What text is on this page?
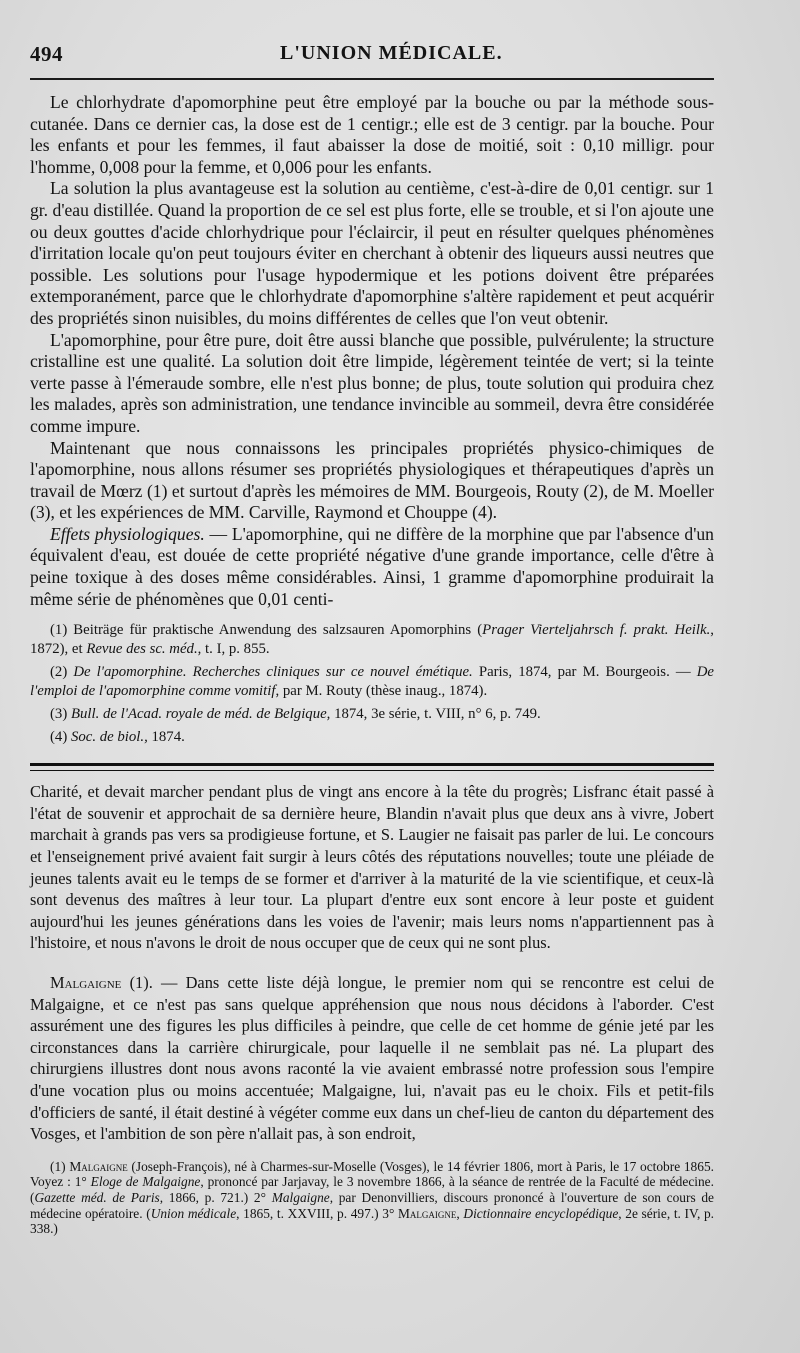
494	L'UNION MÉDICALE.

Le chlorhydrate d'apomorphine peut être employé par la bouche ou par la méthode sous-cutanée. Dans ce dernier cas, la dose est de 1 centigr.; elle est de 3 centigr. par la bouche. Pour les enfants et pour les femmes, il faut abaisser la dose de moitié, soit : 0,10 milligr. pour l'homme, 0,008 pour la femme, et 0,006 pour les enfants.

La solution la plus avantageuse est la solution au centième, c'est-à-dire de 0,01 centigr. sur 1 gr. d'eau distillée. Quand la proportion de ce sel est plus forte, elle se trouble, et si l'on ajoute une ou deux gouttes d'acide chlorhydrique pour l'éclaircir, il peut en résulter quelques phénomènes d'irritation locale qu'on peut toujours éviter en cherchant à obtenir des liqueurs aussi neutres que possible. Les solutions pour l'usage hypodermique et les potions doivent être préparées extemporanément, parce que le chlorhydrate d'apomorphine s'altère rapidement et peut acquérir des propriétés sinon nuisibles, du moins différentes de celles que l'on veut obtenir.

L'apomorphine, pour être pure, doit être aussi blanche que possible, pulvérulente; la structure cristalline est une qualité. La solution doit être limpide, légèrement teintée de vert; si la teinte verte passe à l'émeraude sombre, elle n'est plus bonne; de plus, toute solution qui produira chez les malades, après son administration, une tendance invincible au sommeil, devra être considérée comme impure.

Maintenant que nous connaissons les principales propriétés physico-chimiques de l'apomorphine, nous allons résumer ses propriétés physiologiques et thérapeutiques d'après un travail de Mœrz (1) et surtout d'après les mémoires de MM. Bourgeois, Routy (2), de M. Moeller (3), et les expériences de MM. Carville, Raymond et Chouppe (4).

Effets physiologiques. — L'apomorphine, qui ne diffère de la morphine que par l'absence d'un équivalent d'eau, est douée de cette propriété négative d'une grande importance, celle d'être à peine toxique à des doses même considérables. Ainsi, 1 gramme d'apomorphine produirait la même série de phénomènes que 0,01 centi-

(1) Beiträge für praktische Anwendung des salzsauren Apomorphins (Prager Vierteljahrsch f. prakt. Heilk., 1872), et Revue des sc. méd., t. I, p. 855.

(2) De l'apomorphine. Recherches cliniques sur ce nouvel émétique. Paris, 1874, par M. Bourgeois. — De l'emploi de l'apomorphine comme vomitif, par M. Routy (thèse inaug., 1874).

(3) Bull. de l'Acad. royale de méd. de Belgique, 1874, 3e série, t. VIII, n° 6, p. 749.

(4) Soc. de biol., 1874.

Charité, et devait marcher pendant plus de vingt ans encore à la tête du progrès; Lisfranc était passé à l'état de souvenir et approchait de sa dernière heure, Blandin n'avait plus que deux ans à vivre, Jobert marchait à grands pas vers sa prodigieuse fortune, et S. Laugier ne faisait pas parler de lui. Le concours et l'enseignement privé avaient fait surgir à leurs côtés des réputations nouvelles; toute une pléiade de jeunes talents avait eu le temps de se former et d'arriver à la maturité de la vie scientifique, et ceux-là sont devenus des maîtres à leur tour. La plupart d'entre eux sont encore à leur poste et guident aujourd'hui les jeunes générations dans les voies de l'avenir; mais leurs noms n'appartiennent pas à l'histoire, et nous n'avons le droit de nous occuper que de ceux qui ne sont plus.

Malgaigne (1). — Dans cette liste déjà longue, le premier nom qui se rencontre est celui de Malgaigne, et ce n'est pas sans quelque appréhension que nous nous décidons à l'aborder. C'est assurément une des figures les plus difficiles à peindre, que celle de cet homme de génie jeté par les circonstances dans la carrière chirurgicale, pour laquelle il ne semblait pas né. La plupart des chirurgiens illustres dont nous avons raconté la vie avaient embrassé notre profession sous l'empire d'une vocation plus ou moins accentuée; Malgaigne, lui, n'avait pas eu le choix. Fils et petit-fils d'officiers de santé, il était destiné à végéter comme eux dans un chef-lieu de canton du département des Vosges, et l'ambition de son père n'allait pas, à son endroit,

(1) Malgaigne (Joseph-François), né à Charmes-sur-Moselle (Vosges), le 14 février 1806, mort à Paris, le 17 octobre 1865. Voyez : 1° Eloge de Malgaigne, prononcé par Jarjavay, le 3 novembre 1866, à la séance de rentrée de la Faculté de médecine. (Gazette méd. de Paris, 1866, p. 721.) 2° Malgaigne, par Denonvilliers, discours prononcé à l'ouverture de son cours de médecine opératoire. (Union médicale, 1865, t. XXVIII, p. 497.) 3° Malgaigne, Dictionnaire encyclopédique, 2e série, t. IV, p. 338.)
